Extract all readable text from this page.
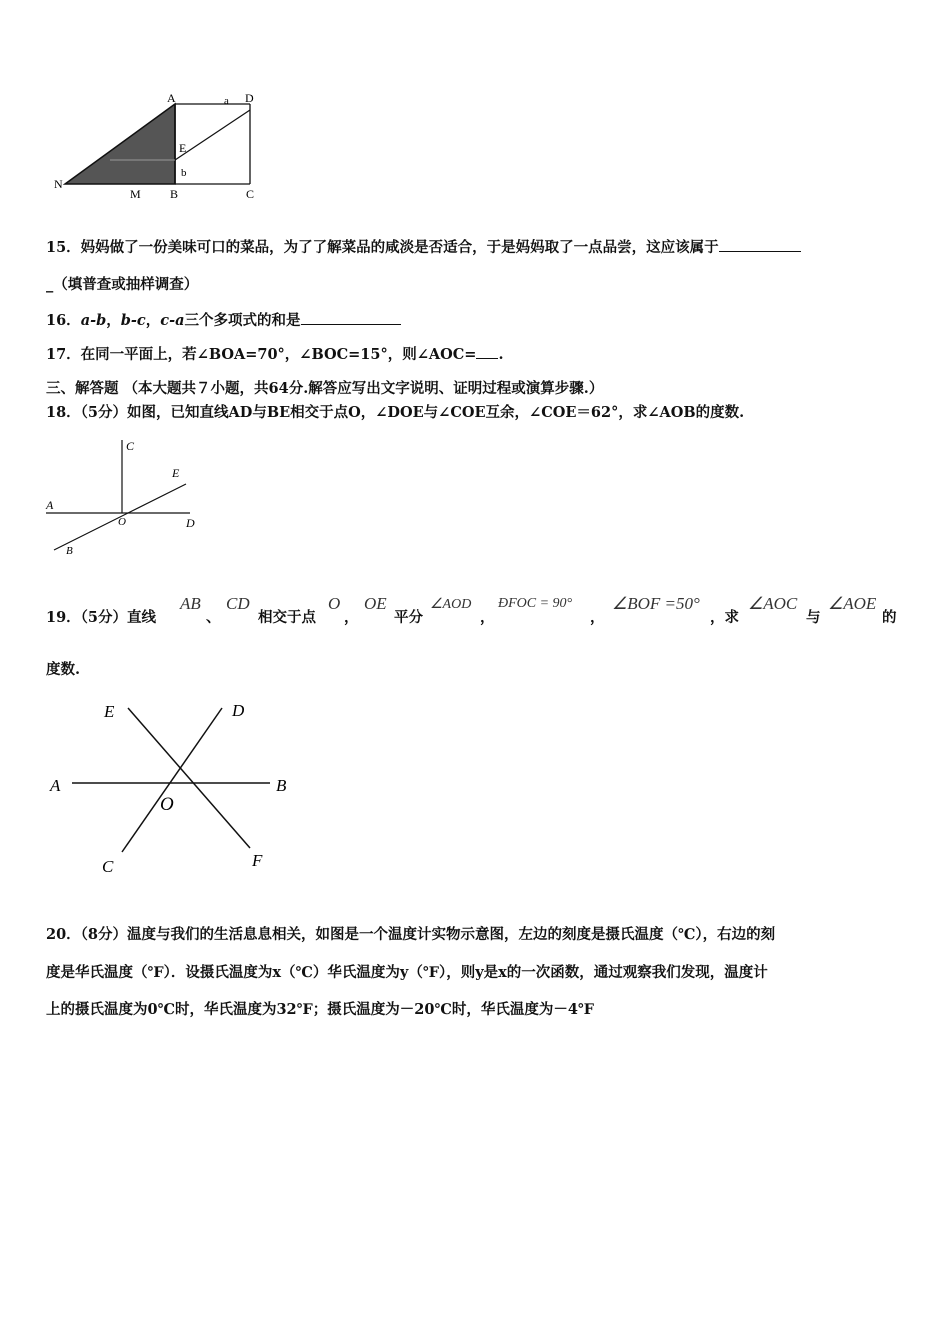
A	a D
E
b
N
M B	C
15．妈妈做了一份美味可口的菜品，为了了解菜品的咸淡是否适合，于是妈妈取了一点品尝，这应该属于
_（填普查或抽样调查）
16．a-b，b-c，c-a三个多项式的和是
17．在同一平面上，若∠BOA=70°，∠BOC=15°，则∠AOC= .
三、解答题 （本大题共７小题，共64分.解答应写出文字说明、证明过程或演算步骤.）
18．（5分）如图，已知直线AD与BE相交于点O，∠DOE与∠COE互余，∠COE＝62°，求∠AOB的度数.
C
E
A
O	D
B
19．（5分）直线
AB
、
CD
相交于点
O
，
OE
平分
∠AOD
，
ÐFOC = 90°
，
∠BOF =50°
，求
∠AOC
与
∠AOE
的
度数.
E	D
A	B
O
C	F
20．（8分）温度与我们的生活息息相关，如图是一个温度计实物示意图，左边的刻度是摄氏温度（℃），右边的刻
度是华氏温度（℉）．设摄氏温度为x（℃）华氏温度为y（℉），则y是x的一次函数，通过观察我们发现，温度计
上的摄氏温度为0℃时，华氏温度为32℉；摄氏温度为－20℃时，华氏温度为－4℉
